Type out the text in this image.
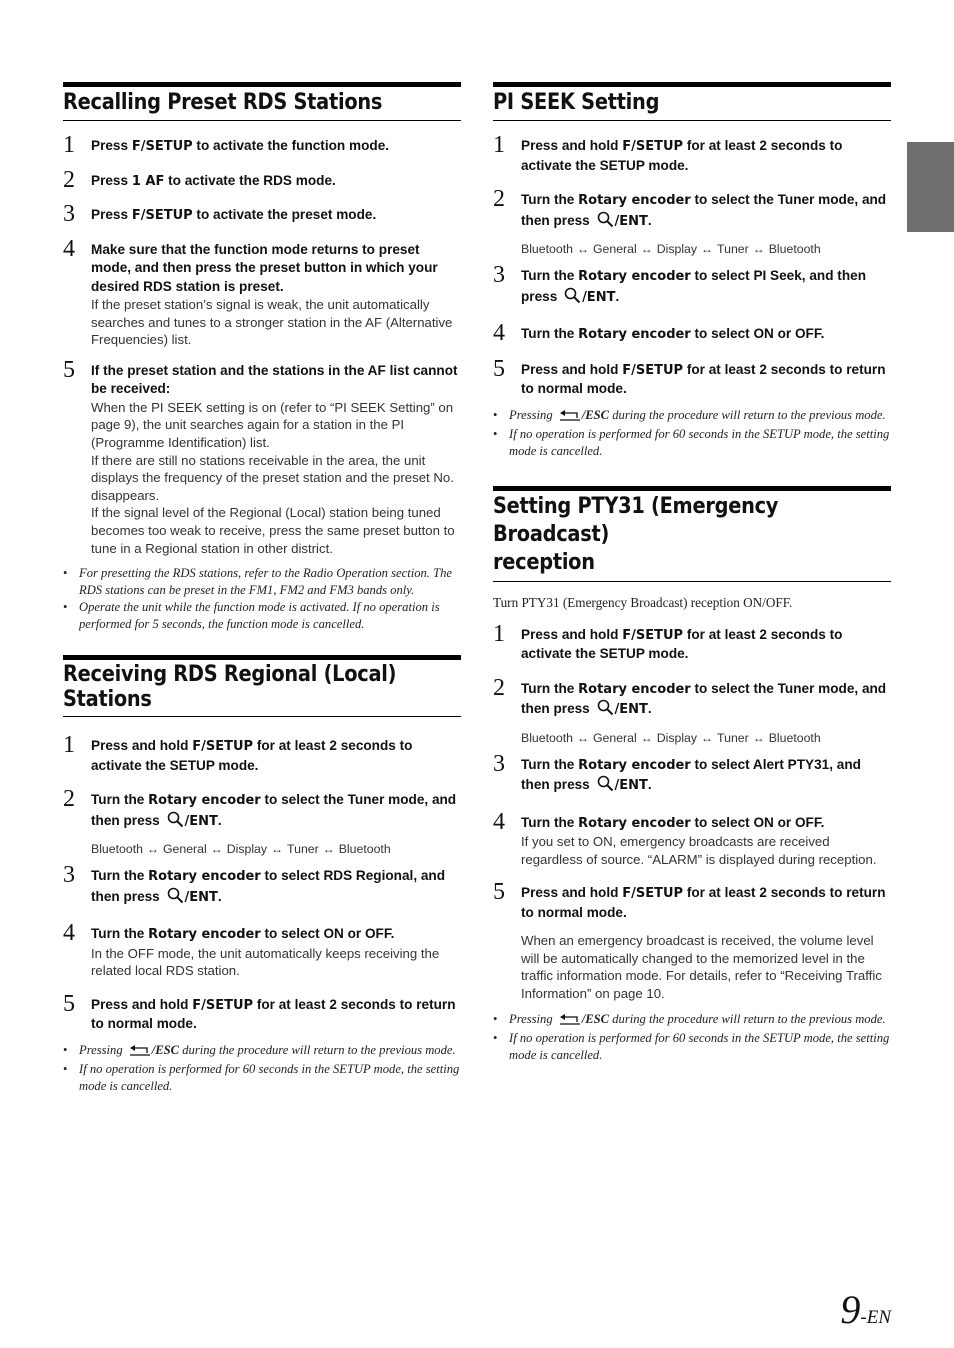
Recalling Preset RDS Stations
1 Press F/SETUP to activate the function mode.
2 Press 1 AF to activate the RDS mode.
3 Press F/SETUP to activate the preset mode.
4 Make sure that the function mode returns to preset mode, and then press the preset button in which your desired RDS station is preset.
If the preset station’s signal is weak, the unit automatically searches and tunes to a stronger station in the AF (Alternative Frequencies) list.
5 If the preset station and the stations in the AF list cannot be received:
When the PI SEEK setting is on (refer to “PI SEEK Setting” on page 9), the unit searches again for a station in the PI (Programme Identification) list.
If there are still no stations receivable in the area, the unit displays the frequency of the preset station and the preset No. disappears.
If the signal level of the Regional (Local) station being tuned becomes too weak to receive, press the same preset button to tune in a Regional station in other district.
• For presetting the RDS stations, refer to the Radio Operation section. The RDS stations can be preset in the FM1, FM2 and FM3 bands only.
• Operate the unit while the function mode is activated. If no operation is performed for 5 seconds, the function mode is cancelled.
Receiving RDS Regional (Local)
Stations
1 Press and hold F/SETUP for at least 2 seconds to activate the SETUP mode.
2 Turn the Rotary encoder to select the Tuner mode, and then press /ENT.
Bluetooth ↔ General ↔ Display ↔ Tuner ↔ Bluetooth
3 Turn the Rotary encoder to select RDS Regional, and then press /ENT.
4 Turn the Rotary encoder to select ON or OFF.
In the OFF mode, the unit automatically keeps receiving the related local RDS station.
5 Press and hold F/SETUP for at least 2 seconds to return to normal mode.
• Pressing /ESC during the procedure will return to the previous mode.
• If no operation is performed for 60 seconds in the SETUP mode, the setting mode is cancelled.
PI SEEK Setting
1 Press and hold F/SETUP for at least 2 seconds to activate the SETUP mode.
2 Turn the Rotary encoder to select the Tuner mode, and then press /ENT.
Bluetooth ↔ General ↔ Display ↔ Tuner ↔ Bluetooth
3 Turn the Rotary encoder to select PI Seek, and then press /ENT.
4 Turn the Rotary encoder to select ON or OFF.
5 Press and hold F/SETUP for at least 2 seconds to return to normal mode.
• Pressing /ESC during the procedure will return to the previous mode.
• If no operation is performed for 60 seconds in the SETUP mode, the setting mode is cancelled.
Setting PTY31 (Emergency Broadcast)
reception
Turn PTY31 (Emergency Broadcast) reception ON/OFF.
1 Press and hold F/SETUP for at least 2 seconds to activate the SETUP mode.
2 Turn the Rotary encoder to select the Tuner mode, and then press /ENT.
Bluetooth ↔ General ↔ Display ↔ Tuner ↔ Bluetooth
3 Turn the Rotary encoder to select Alert PTY31, and then press /ENT.
4 Turn the Rotary encoder to select ON or OFF.
If you set to ON, emergency broadcasts are received regardless of source. “ALARM” is displayed during reception.
5 Press and hold F/SETUP for at least 2 seconds to return to normal mode.
When an emergency broadcast is received, the volume level will be automatically changed to the memorized level in the traffic information mode. For details, refer to “Receiving Traffic Information” on page 10.
• Pressing /ESC during the procedure will return to the previous mode.
• If no operation is performed for 60 seconds in the SETUP mode, the setting mode is cancelled.
9-EN
